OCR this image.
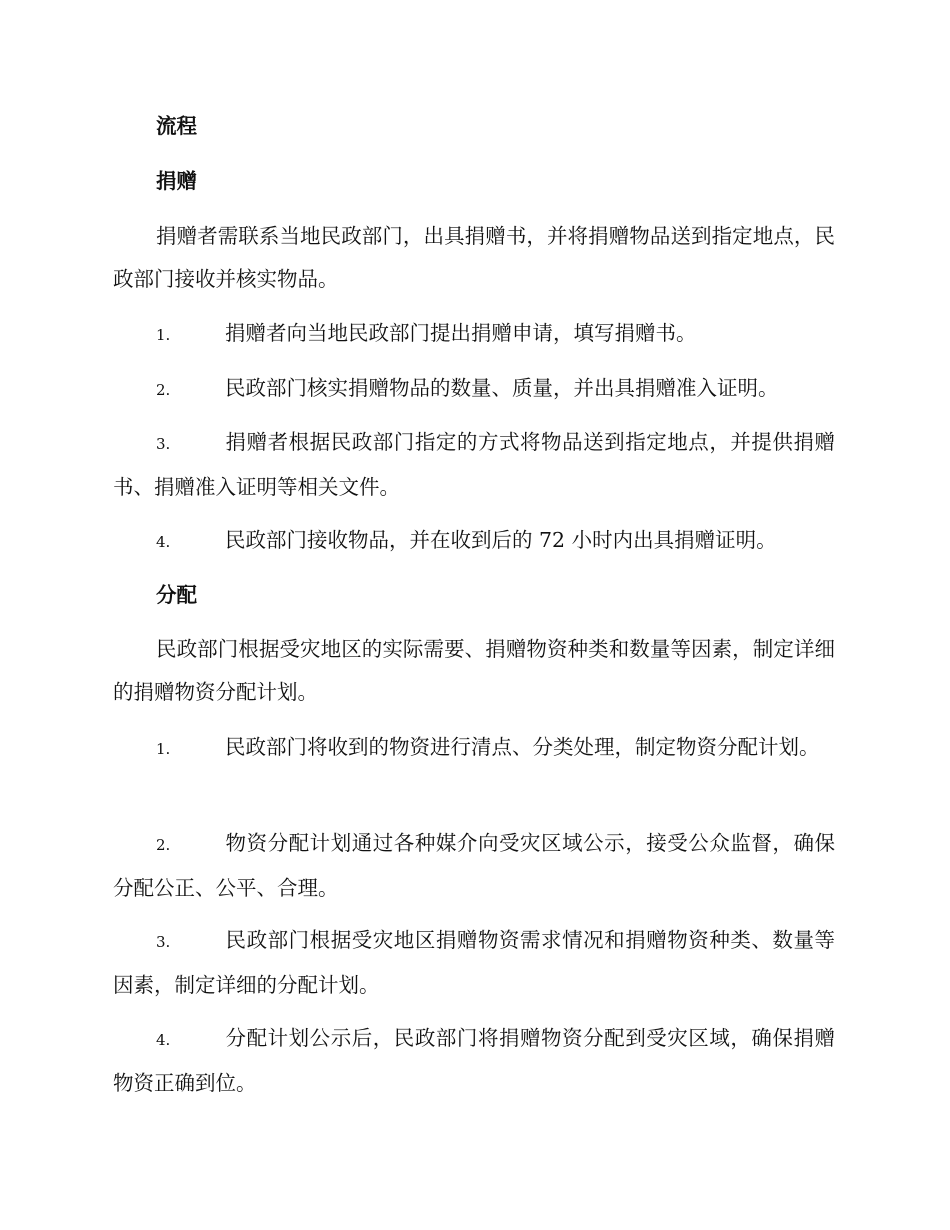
流程
捐赠
捐赠者需联系当地民政部门，出具捐赠书，并将捐赠物品送到指定地点，民政部门接收并核实物品。
1.	捐赠者向当地民政部门提出捐赠申请，填写捐赠书。
2.	民政部门核实捐赠物品的数量、质量，并出具捐赠准入证明。
3.	捐赠者根据民政部门指定的方式将物品送到指定地点，并提供捐赠书、捐赠准入证明等相关文件。
4.	民政部门接收物品，并在收到后的 72 小时内出具捐赠证明。
分配
民政部门根据受灾地区的实际需要、捐赠物资种类和数量等因素，制定详细的捐赠物资分配计划。
1.	民政部门将收到的物资进行清点、分类处理，制定物资分配计划。
2.	物资分配计划通过各种媒介向受灾区域公示，接受公众监督，确保分配公正、公平、合理。
3.	民政部门根据受灾地区捐赠物资需求情况和捐赠物资种类、数量等因素，制定详细的分配计划。
4.	分配计划公示后，民政部门将捐赠物资分配到受灾区域，确保捐赠物资正确到位。
